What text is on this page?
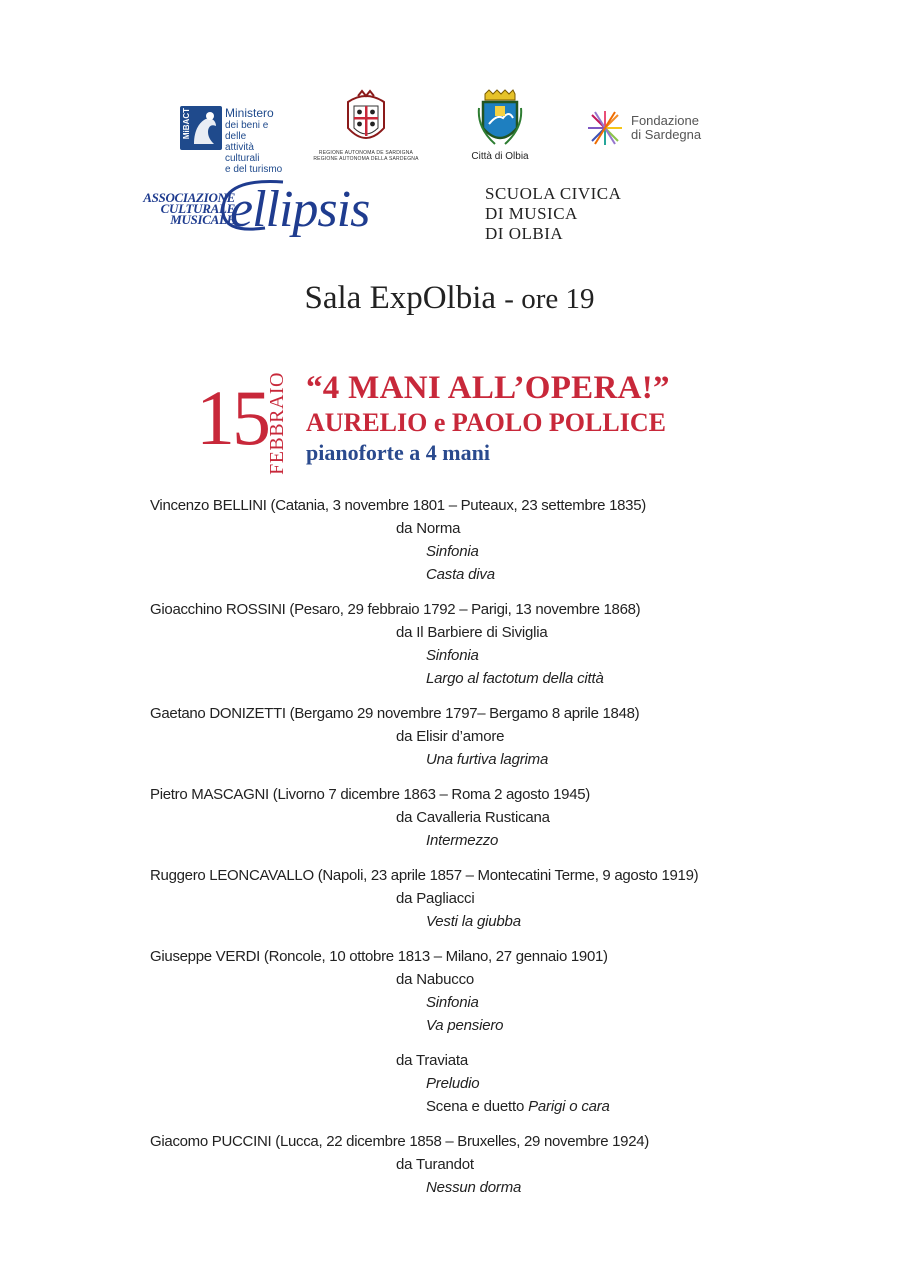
MiBACT	Ministero
dei beni e delle
attività culturali
e del turismo
REGIONE AUTONOMA DE SARDIGNA
REGIONE AUTONOMA DELLA SARDEGNA	Città di Olbia
Fondazione
di Sardegna
ASSOCIAZIONE
CULTURALE
MUSICALE
ellipsis	SCUOLA CIVICA
DI MUSICA
DI OLBIA
Sala ExpOlbia - ore 19
15
FEBBRAIO “4 MANI ALL’OPERA!”
AURELIO e PAOLO POLLICE
pianoforte a 4 mani
Vincenzo BELLINI (Catania, 3 novembre 1801 – Puteaux, 23 settembre 1835)
da Norma
Sinfonia
Casta diva
Gioacchino ROSSINI (Pesaro, 29 febbraio 1792 – Parigi, 13 novembre 1868)
da Il Barbiere di Siviglia
Sinfonia
Largo al factotum della città
Gaetano DONIZETTI (Bergamo 29 novembre 1797– Bergamo 8 aprile 1848)
da Elisir d’amore
Una furtiva lagrima
Pietro MASCAGNI (Livorno 7 dicembre 1863 – Roma 2 agosto 1945)
da Cavalleria Rusticana
Intermezzo
Ruggero LEONCAVALLO (Napoli, 23 aprile 1857 – Montecatini Terme, 9 agosto 1919)
da Pagliacci
Vesti la giubba
Giuseppe VERDI (Roncole, 10 ottobre 1813 – Milano, 27 gennaio 1901)
da Nabucco
Sinfonia
Va pensiero
da Traviata
Preludio
Scena e duetto Parigi o cara
Giacomo PUCCINI (Lucca, 22 dicembre 1858 – Bruxelles, 29 novembre 1924)
da Turandot
Nessun dorma
